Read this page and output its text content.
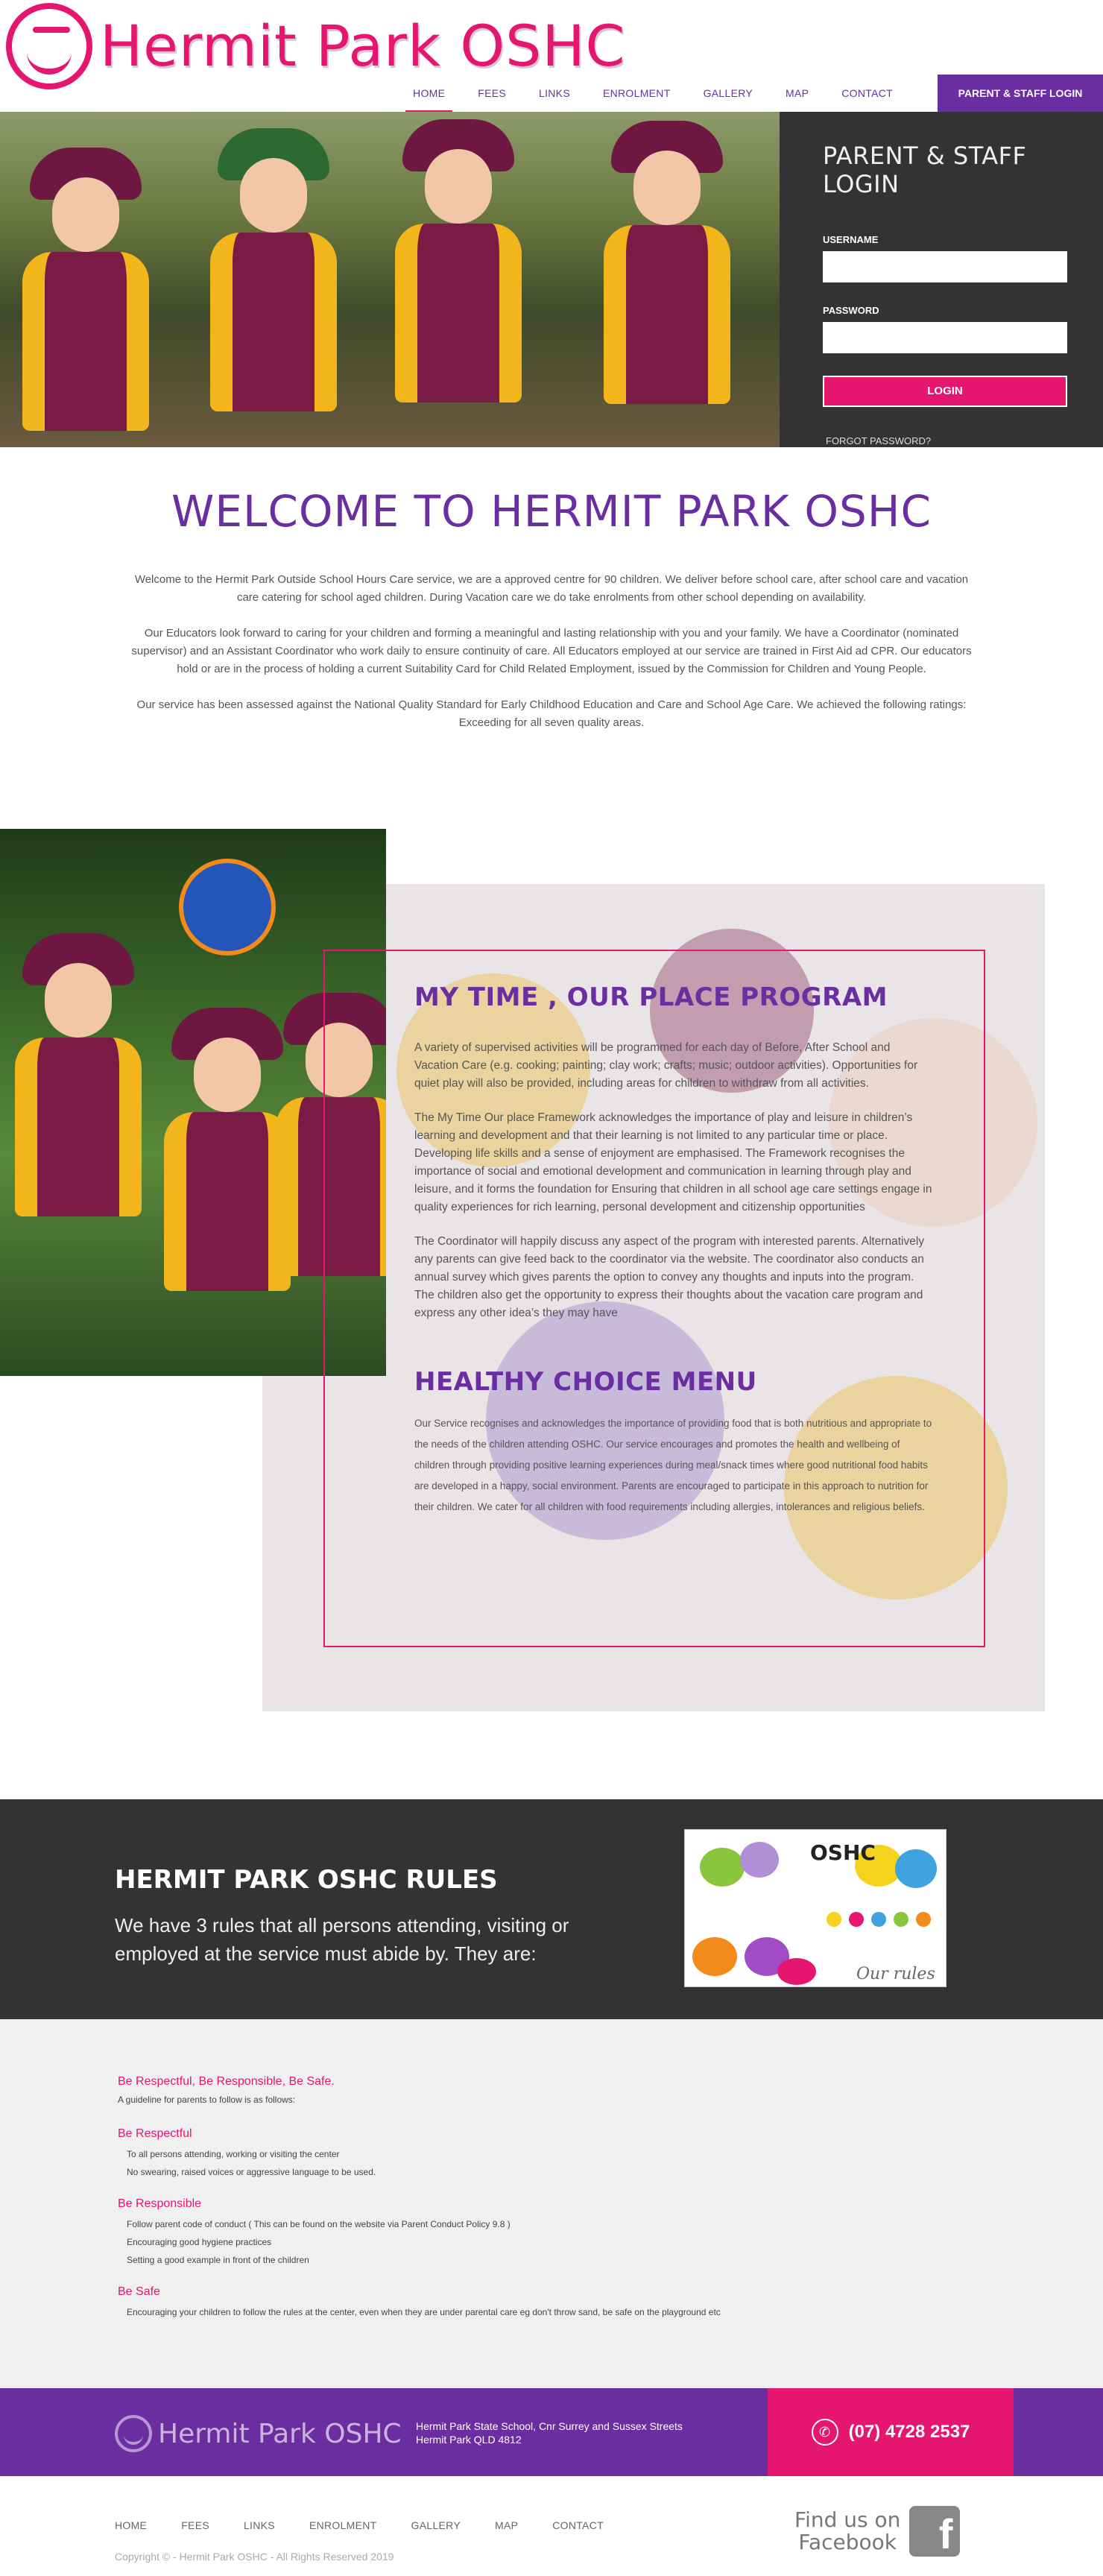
Hermit Park OSHC
HOME	FEES	LINKS	ENROLMENT	GALLERY	MAP	CONTACT	PARENT & STAFF LOGIN
PARENT & STAFF LOGIN
USERNAME
PASSWORD
LOGIN
FORGOT PASSWORD?
WELCOME TO HERMIT PARK OSHC

Welcome to the Hermit Park Outside School Hours Care service, we are a approved centre for 90 children. We deliver before school care, after school care and vacation care catering for school aged children. During Vacation care we do take enrolments from other school depending on availability.

Our Educators look forward to caring for your children and forming a meaningful and lasting relationship with you and your family. We have a Coordinator (nominated supervisor) and an Assistant Coordinator who work daily to ensure continuity of care. All Educators employed at our service are trained in First Aid ad CPR. Our educators hold or are in the process of holding a current Suitability Card for Child Related Employment, issued by the Commission for Children and Young People.

Our service has been assessed against the National Quality Standard for Early Childhood Education and Care and School Age Care. We achieved the following ratings: Exceeding for all seven quality areas.

MY TIME , OUR PLACE PROGRAM

A variety of supervised activities will be programmed for each day of Before, After School and Vacation Care (e.g. cooking; painting; clay work; crafts; music; outdoor activities). Opportunities for quiet play will also be provided, including areas for children to withdraw from all activities.

The My Time Our place Framework acknowledges the importance of play and leisure in children’s learning and development and that their learning is not limited to any particular time or place. Developing life skills and a sense of enjoyment are emphasised. The Framework recognises the importance of social and emotional development and communication in learning through play and leisure, and it forms the foundation for Ensuring that children in all school age care settings engage in quality experiences for rich learning, personal development and citizenship opportunities

The Coordinator will happily discuss any aspect of the program with interested parents. Alternatively any parents can give feed back to the coordinator via the website. The coordinator also conducts an annual survey which gives parents the option to convey any thoughts and inputs into the program. The children also get the opportunity to express their thoughts about the vacation care program and express any other idea’s they may have

HEALTHY CHOICE MENU

Our Service recognises and acknowledges the importance of providing food that is both nutritious and appropriate to the needs of the children attending OSHC. Our service encourages and promotes the health and wellbeing of children through providing positive learning experiences during meal/snack times where good nutritional food habits are developed in a happy, social environment. Parents are encouraged to participate in this approach to nutrition for their children. We cater for all children with food requirements including allergies, intolerances and religious beliefs.

HERMIT PARK OSHC RULES
We have 3 rules that all persons attending, visiting or employed at the service must abide by. They are:
OSHC
Our rules
Be Respectful, Be Responsible, Be Safe.
A guideline for parents to follow is as follows:
Be Respectful
To all persons attending, working or visiting the center
No swearing, raised voices or aggressive language to be used.
Be Responsible
Follow parent code of conduct ( This can be found on the website via Parent Conduct Policy 9.8 )
Encouraging good hygiene practices
Setting a good example in front of the children
Be Safe
Encouraging your children to follow the rules at the center, even when they are under parental care eg don't throw sand, be safe on the playground etc
Hermit Park OSHC Hermit Park State School, Cnr Surrey and Sussex Streets
Hermit Park QLD 4812
✆	(07) 4728 2537
HOME	FEES	LINKS	ENROLMENT	GALLERY	MAP	CONTACT
Copyright © - Hermit Park OSHC - All Rights Reserved 2019
Find us on
Facebook	f
